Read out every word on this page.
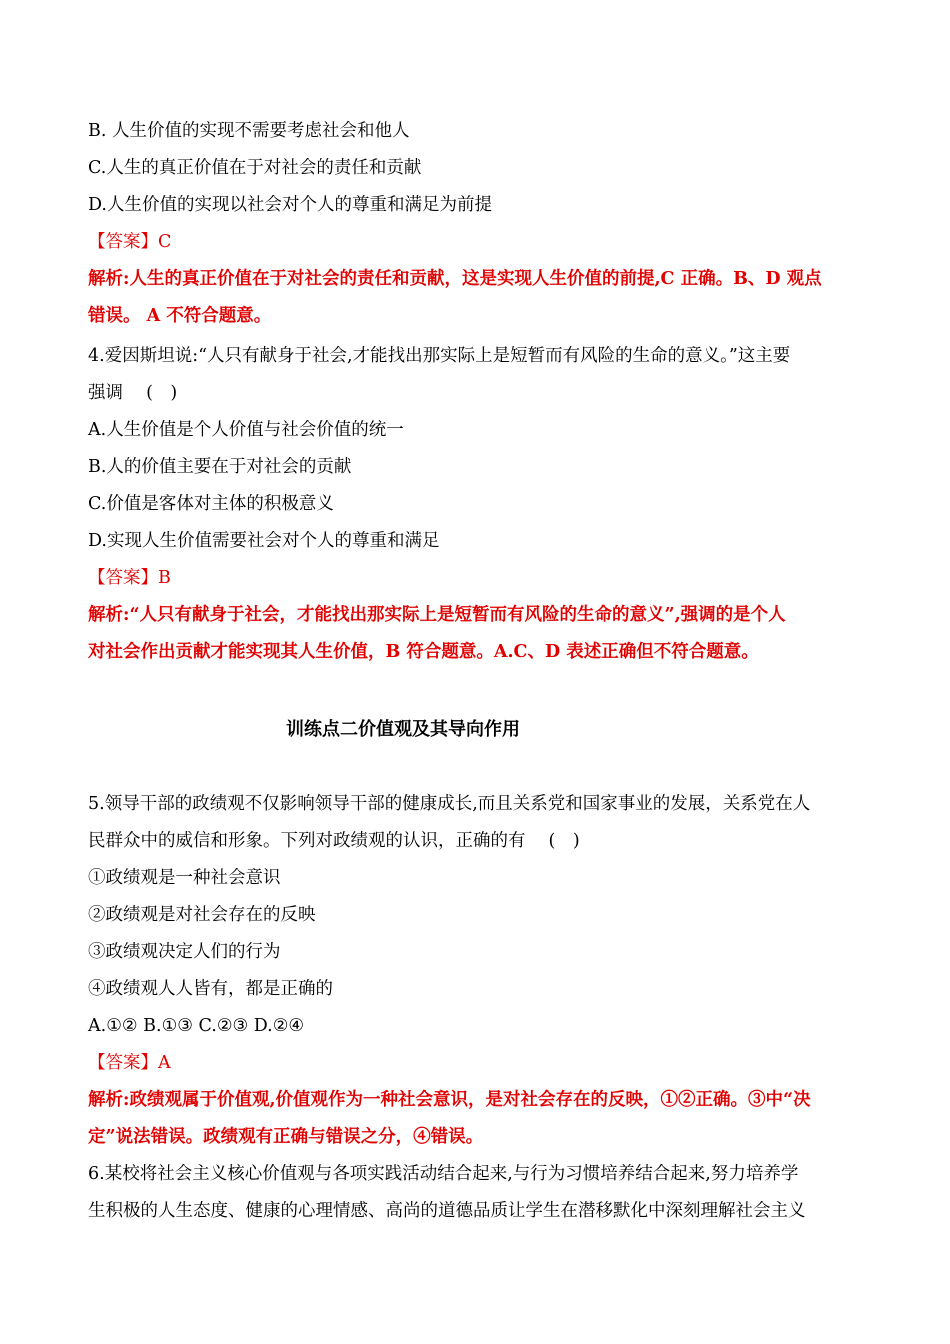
B. 人生价值的实现不需要考虑社会和他人
C.人生的真正价值在于对社会的责任和贡献
D.人生价值的实现以社会对个人的尊重和满足为前提
【答案】C
解析:人生的真正价值在于对社会的责任和贡献，这是实现人生价值的前提,C 正确。B、D 观点
错误。 A 不符合题意。
4.爱因斯坦说:“人只有献身于社会,才能找出那实际上是短暂而有风险的生命的意义。”这主要
强调　 (　)
A.人生价值是个人价值与社会价值的统一
B.人的价值主要在于对社会的贡献
C.价值是客体对主体的积极意义
D.实现人生价值需要社会对个人的尊重和满足
【答案】B
解析:“人只有献身于社会，才能找出那实际上是短暂而有风险的生命的意义”,强调的是个人
对社会作出贡献才能实现其人生价值，B 符合题意。A.C、D 表述正确但不符合题意。
训练点二价值观及其导向作用
5.领导干部的政绩观不仅影响领导干部的健康成长,而且关系党和国家事业的发展，关系党在人
民群众中的威信和形象。下列对政绩观的认识，正确的有　 (　)
①政绩观是一种社会意识
②政绩观是对社会存在的反映
③政绩观决定人们的行为
④政绩观人人皆有，都是正确的
A.①② B.①③ C.②③ D.②④
【答案】A
解析:政绩观属于价值观,价值观作为一种社会意识，是对社会存在的反映，①②正确。③中“决
定”说法错误。政绩观有正确与错误之分，④错误。
6.某校将社会主义核心价值观与各项实践活动结合起来,与行为习惯培养结合起来,努力培养学
生积极的人生态度、健康的心理情感、高尚的道德品质让学生在潜移默化中深刻理解社会主义
